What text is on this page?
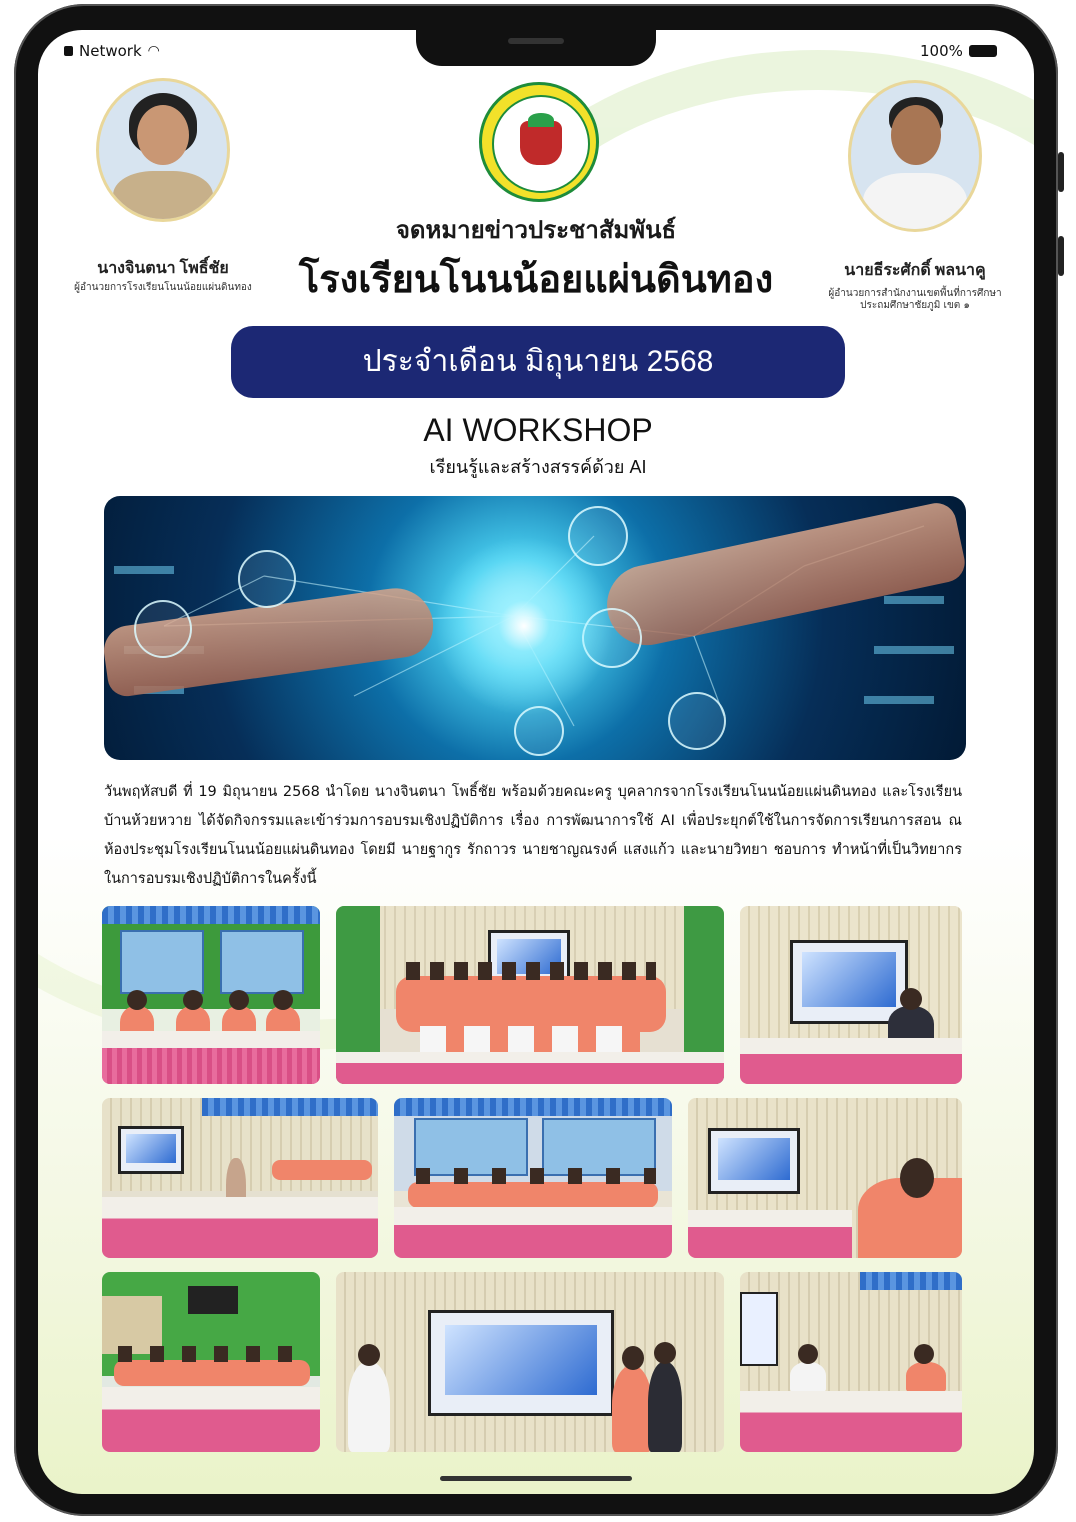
Network ◠	100%
นางจินตนา โพธิ์ชัย
ผู้อำนวยการโรงเรียนโนนน้อยแผ่นดินทอง
นายธีระศักดิ์ พลนาคู
ผู้อำนวยการสำนักงานเขตพื้นที่การศึกษา
ประถมศึกษาชัยภูมิ เขต ๑
จดหมายข่าวประชาสัมพันธ์
โรงเรียนโนนน้อยแผ่นดินทอง
ประจำเดือน มิถุนายน 2568
AI WORKSHOP
เรียนรู้และสร้างสรรค์ด้วย AI
วันพฤหัสบดี ที่ 19 มิถุนายน 2568 นำโดย นางจินตนา โพธิ์ชัย พร้อมด้วยคณะครู บุคลากรจากโรงเรียนโนนน้อยแผ่นดินทอง และโรงเรียนบ้านห้วยหวาย ได้จัดกิจกรรมและเข้าร่วมการอบรมเชิงปฏิบัติการ เรื่อง การพัฒนาการใช้ AI เพื่อประยุกต์ใช้ในการจัดการเรียนการสอน ณ ห้องประชุมโรงเรียนโนนน้อยแผ่นดินทอง โดยมี นายฐากูร รักถาวร นายชาญณรงค์ แสงแก้ว และนายวิทยา ชอบการ ทำหน้าที่เป็นวิทยากรในการอบรมเชิงปฏิบัติการในครั้งนี้
